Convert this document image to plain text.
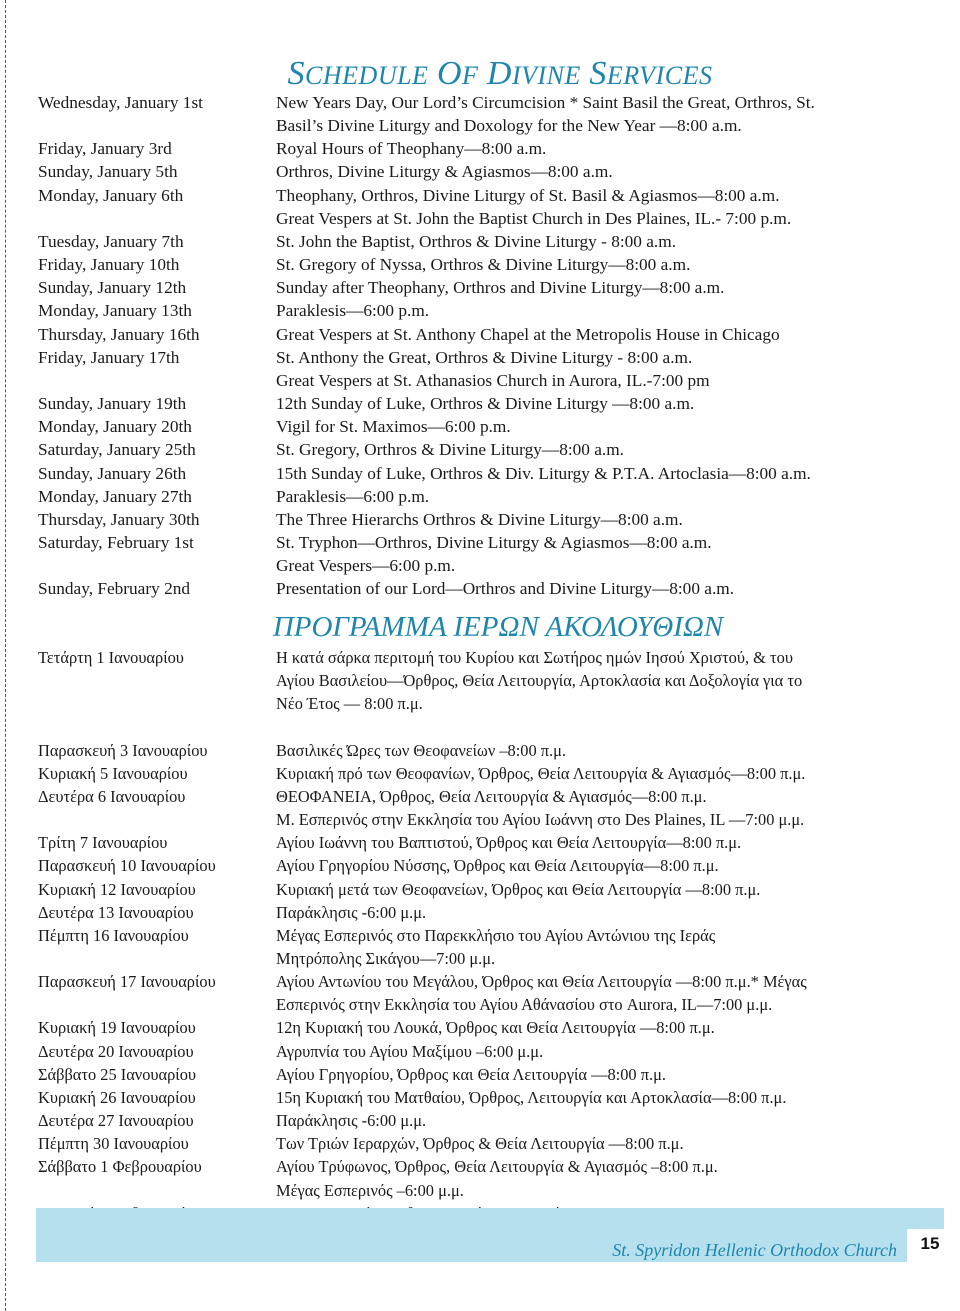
SCHEDULE OF DIVINE SERVICES
Wednesday, January 1st	New Years Day, Our Lord’s Circumcision * Saint Basil the Great, Orthros, St.
Basil’s Divine Liturgy and Doxology for the New Year —8:00 a.m.
Friday, January 3rd	Royal Hours of Theophany—8:00 a.m.
Sunday, January 5th	Orthros, Divine Liturgy & Agiasmos—8:00 a.m.
Monday, January 6th	Theophany, Orthros, Divine Liturgy of St. Basil & Agiasmos—8:00 a.m.
Great Vespers at St. John the Baptist Church in Des Plaines, IL.- 7:00 p.m.
Tuesday, January 7th	St. John the Baptist, Orthros & Divine Liturgy - 8:00 a.m.
Friday, January 10th	St. Gregory of Nyssa, Orthros & Divine Liturgy—8:00 a.m.
Sunday, January 12th	Sunday after Theophany, Orthros and Divine Liturgy—8:00 a.m.
Monday, January 13th	Paraklesis—6:00 p.m.
Thursday, January 16th	Great Vespers at St. Anthony Chapel at the Metropolis House in Chicago
Friday, January 17th	St. Anthony the Great, Orthros & Divine Liturgy - 8:00 a.m.
Great Vespers at St. Athanasios Church in Aurora, IL.-7:00 pm
Sunday, January 19th	12th Sunday of Luke, Orthros & Divine Liturgy —8:00 a.m.
Monday, January 20th	Vigil for St. Maximos—6:00 p.m.
Saturday, January 25th	St. Gregory, Orthros & Divine Liturgy—8:00 a.m.
Sunday, January 26th	15th Sunday of Luke, Orthros & Div. Liturgy & P.T.A. Artoclasia—8:00 a.m.
Monday, January 27th	Paraklesis—6:00 p.m.
Thursday, January 30th	The Three Hierarchs Orthros & Divine Liturgy—8:00 a.m.
Saturday, February 1st	St. Tryphon—Orthros, Divine Liturgy & Agiasmos—8:00 a.m.
Great Vespers—6:00 p.m.
Sunday, February 2nd	Presentation of our Lord—Orthros and Divine Liturgy—8:00 a.m.
ΠΡΟΓΡΑΜΜΑ ΙΕΡΩΝ ΑΚΟΛΟΥΘΙΩΝ
Τετάρτη 1 Ιανουαρίου	Η κατά σάρκα περιτομή του Κυρίου και Σωτήρος ημών Ιησού Χριστού, & του
Αγίου Βασιλείου—Όρθρος, Θεία Λειτουργία, Αρτοκλασία και Δοξολογία για το
Νέο Έτος — 8:00 π.μ.
Παρασκευή 3 Ιανουαρίου	Βασιλικές Ώρες των Θεοφανείων –8:00 π.μ.
Κυριακή 5 Ιανουαρίου	Κυριακή πρό των Θεοφανίων, Όρθρος, Θεία Λειτουργία & Αγιασμός—8:00 π.μ.
Δευτέρα 6 Ιανουαρίου	ΘΕΟΦΑΝΕΙΑ, Όρθρος, Θεία Λειτουργία & Αγιασμός—8:00 π.μ.
Μ. Εσπερινός στην Εκκλησία του Αγίου Ιωάννη στο Des Plaines, IL —7:00 μ.μ.
Τρίτη 7 Ιανουαρίου	Αγίου Ιωάννη του Βαπτιστού, Όρθρος και Θεία Λειτουργία—8:00 π.μ.
Παρασκευή 10 Ιανουαρίου	Αγίου Γρηγορίου Νύσσης, Όρθρος και Θεία Λειτουργία—8:00 π.μ.
Κυριακή 12 Ιανουαρίου	Κυριακή μετά των Θεοφανείων, Όρθρος και Θεία Λειτουργία —8:00 π.μ.
Δευτέρα 13 Ιανουαρίου	Παράκλησις -6:00 μ.μ.
Πέμπτη 16 Ιανουαρίου	Μέγας Εσπερινός στο Παρεκκλήσιο του Αγίου Αντώνιου της Ιεράς
Μητρόπολης Σικάγου—7:00 μ.μ.
Παρασκευή 17 Ιανουαρίου	Αγίου Αντωνίου του Μεγάλου, Όρθρος και Θεία Λειτουργία —8:00 π.μ.* Μέγας
Εσπερινός στην Εκκλησία του Αγίου Αθάνασίου στο Aurora, IL—7:00 μ.μ.
Κυριακή 19 Ιανουαρίου	12η Κυριακή του Λουκά, Όρθρος και Θεία Λειτουργία —8:00 π.μ.
Δευτέρα 20 Ιανουαρίου	Αγρυπνία του Αγίου Μαξίμου –6:00 μ.μ.
Σάββατο 25 Ιανουαρίου	Αγίου Γρηγορίου, Όρθρος και Θεία Λειτουργία —8:00 π.μ.
Κυριακή 26 Ιανουαρίου	15η Κυριακή του Ματθαίου, Όρθρος, Λειτουργία και Αρτοκλασία—8:00 π.μ.
Δευτέρα 27 Ιανουαρίου	Παράκλησις -6:00 μ.μ.
Πέμπτη 30 Ιανουαρίου	Των Τριών Ιεραρχών, Όρθρος & Θεία Λειτουργία —8:00 π.μ.
Σάββατο 1 Φεβρουαρίου	Αγίου Τρύφωνος, Όρθρος, Θεία Λειτουργία & Αγιασμός –8:00 π.μ.
Μέγας Εσπερινός –6:00 μ.μ.
St. Spyridon Hellenic Orthodox Church	15
